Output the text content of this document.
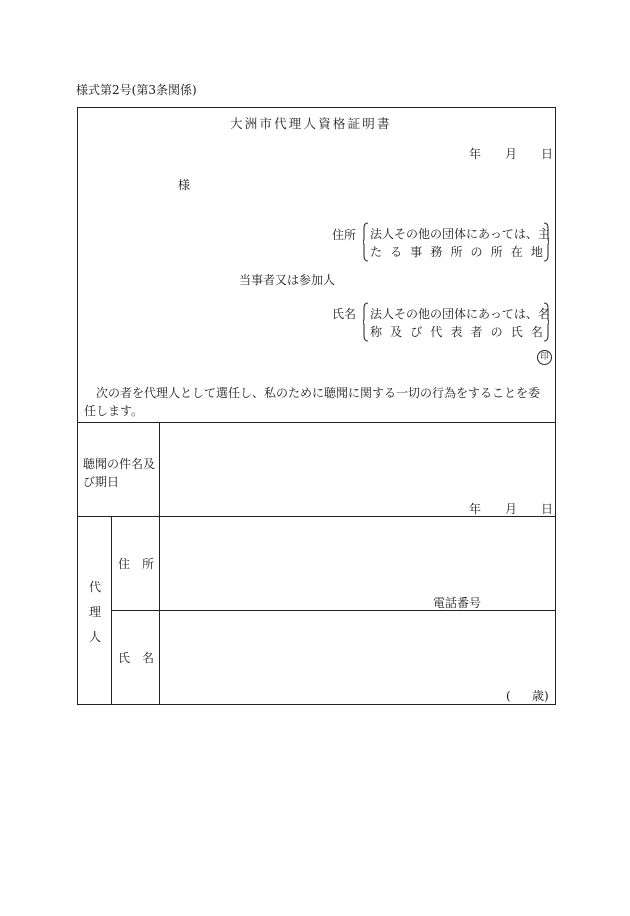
様式第2号(第3条関係)
大洲市代理人資格証明書
年 月 日
様
住所 法人その他の団体にあっては、主
た る 事 務 所 の 所 在 地
当事者又は参加人
氏名 法人その他の団体にあっては、名
称 及 び 代 表 者 の 氏 名
印
次の者を代理人として選任し、私のために聴聞に関する一切の行為をすることを委任します。
聴聞の件名及び期日
年 月 日
代
理
人
住　所
電話番号
氏　名
( 歳)
